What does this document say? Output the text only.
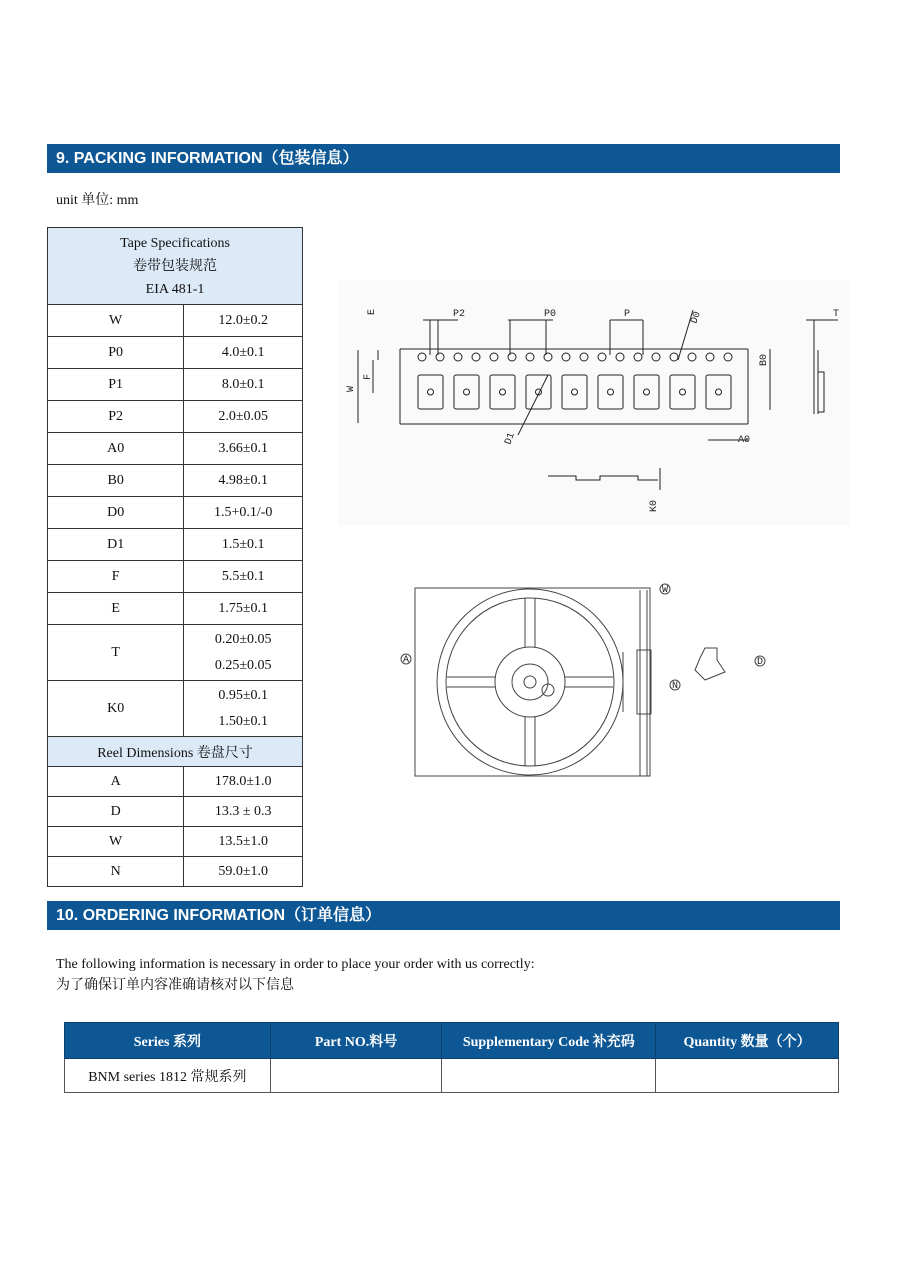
9. PACKING INFORMATION（包装信息）
unit 单位: mm
Tape Specifications
卷带包装规范
EIA 481-1	

W	12.0±0.2

P0	4.0±0.1

P1	8.0±0.1

P2	2.0±0.05

A0	3.66±0.1

B0	4.98±0.1

D0	1.5+0.1/-0

D1	1.5±0.1

F	5.5±0.1

E	1.75±0.1

T	0.20±0.05
0.25±0.05

K0	0.95±0.1
1.50±0.1

Reel Dimensions 卷盘尺寸	
A	178.0±1.0
D	13.3 ± 0.3
W	13.5±1.0
N	59.0±1.0
P2	P0	P	D0	T
B0
W
E
F
D1	A0
K0
A
N
W
D
10. ORDERING INFORMATION（订单信息）
The following information is necessary in order to place your order with us correctly:
为了确保订单内容准确请核对以下信息
Series 系列	Part NO.料号	Supplementary Code 补充码	Quantity 数量（个）
BNM series 1812 常规系列			
